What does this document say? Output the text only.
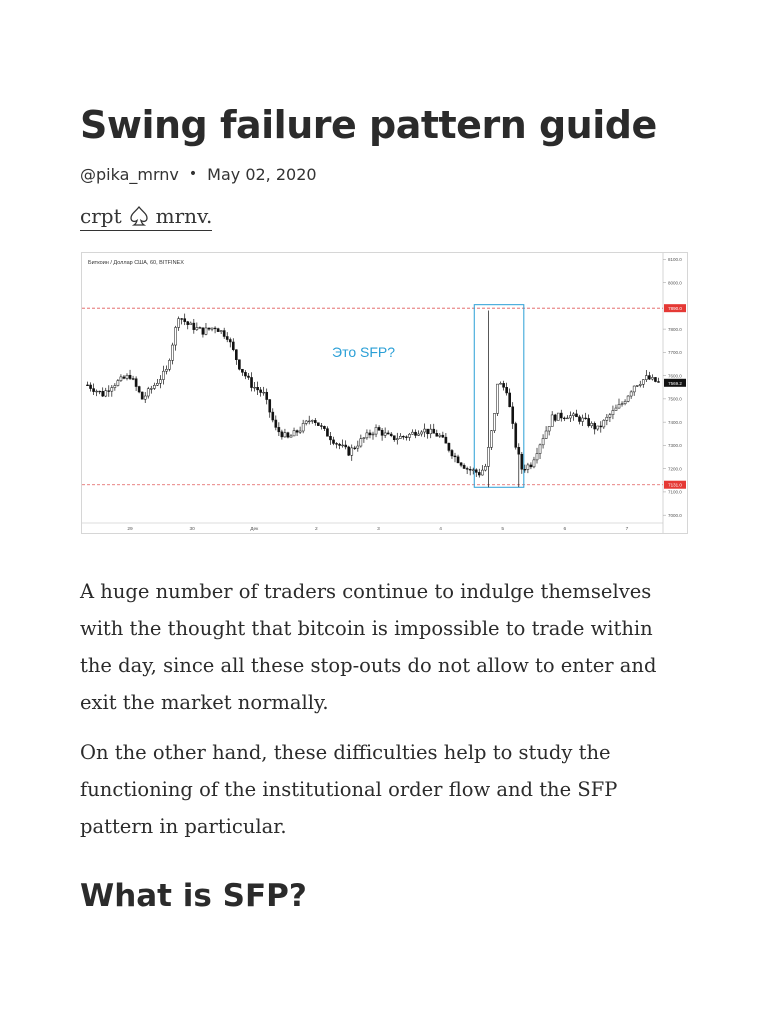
Swing failure pattern guide
@pika_mrnv • May 02, 2020
crpt mrnv.
Биткоин / Доллар США, 60, BITFINEX
7890.0
7131.0
8100.0
8000.0
7800.0
7700.0
7600.0
7500.0
7400.0
7300.0
7200.0
7100.0
7000.0
7569.2
29	30	Дек	2	3	4	5	6	7
Это SFP?

A huge number of traders continue to indulge themselves with the thought that bitcoin is impossible to trade within the day, since all these stop-outs do not allow to enter and exit the market normally.

On the other hand, these difficulties help to study the functioning of the institutional order flow and the SFP pattern in particular.

What is SFP?
